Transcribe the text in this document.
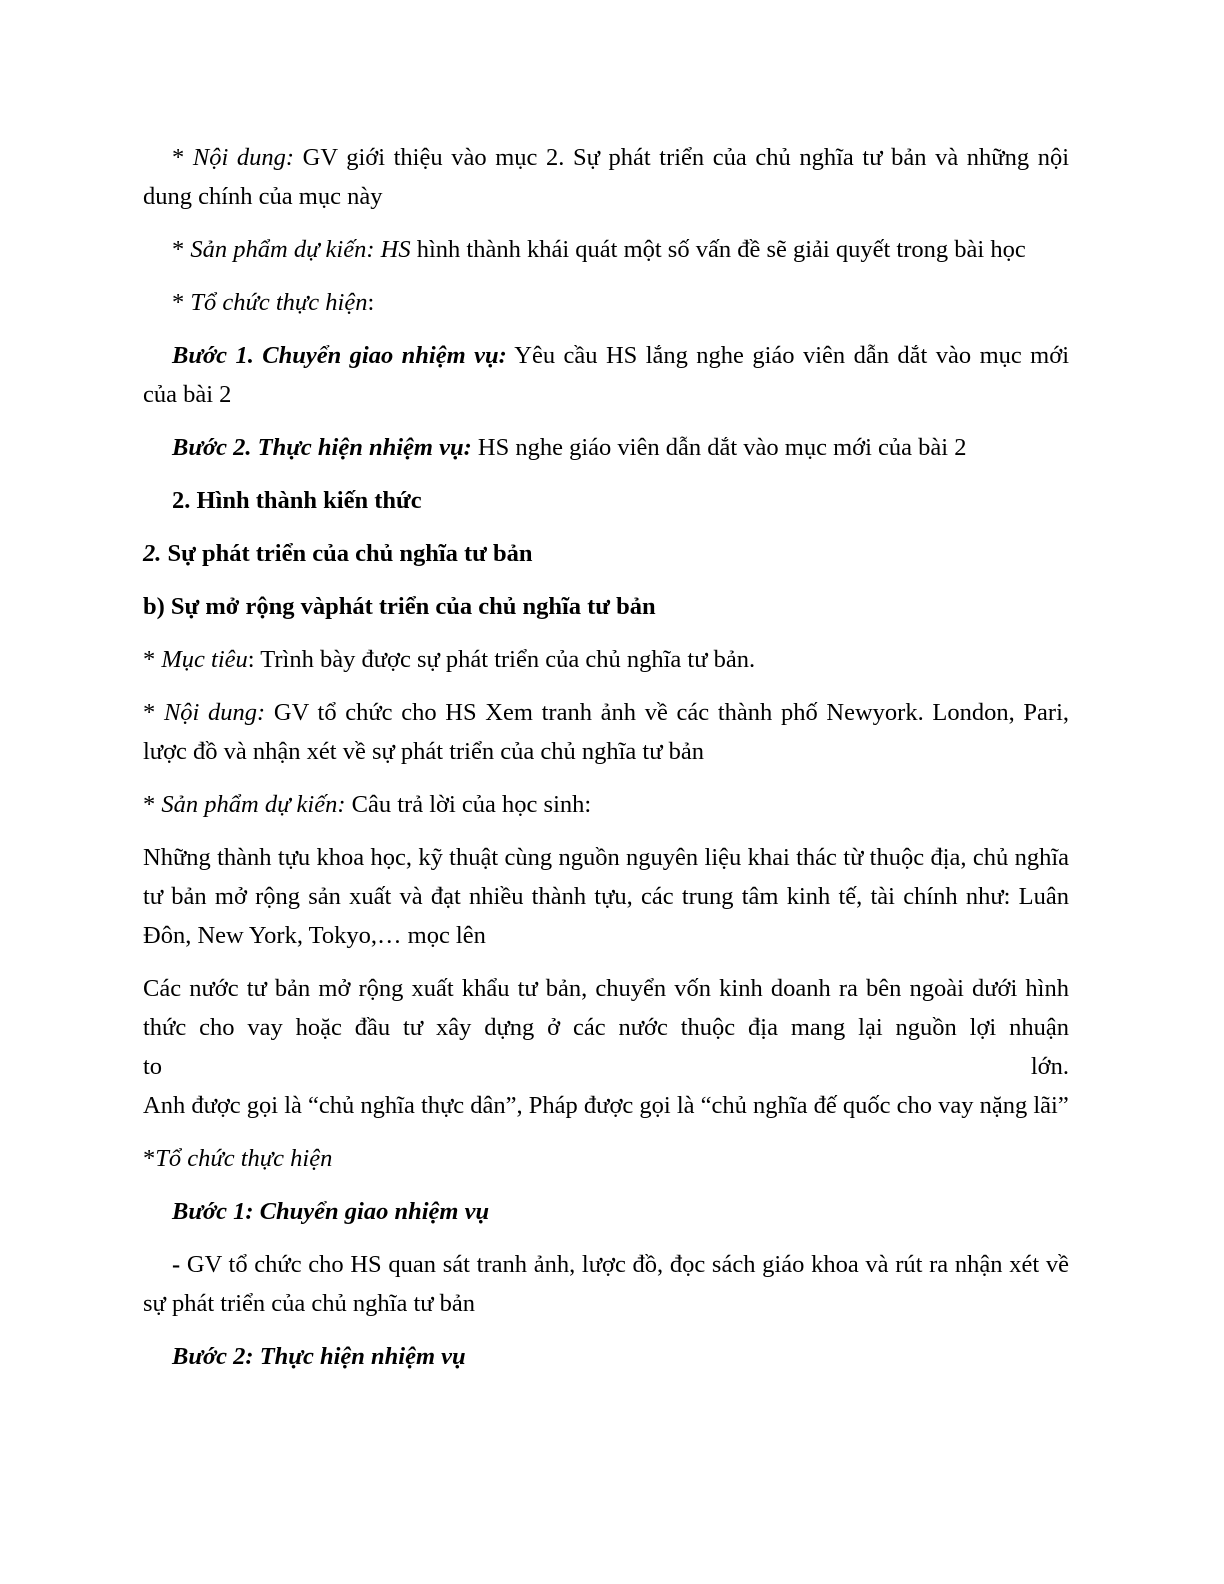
* Nội dung: GV giới thiệu vào mục 2. Sự phát triển của chủ nghĩa tư bản và những nội dung chính của mục này

* Sản phẩm dự kiến: HS hình thành khái quát một số vấn đề sẽ giải quyết trong bài học

* Tổ chức thực hiện:

Bước 1. Chuyển giao nhiệm vụ: Yêu cầu HS lắng nghe giáo viên dẫn dắt vào mục mới của bài 2

Bước 2. Thực hiện nhiệm vụ: HS nghe giáo viên dẫn dắt vào mục mới của bài 2

2. Hình thành kiến thức

2. Sự phát triển của chủ nghĩa tư bản

b) Sự mở rộng vàphát triển của chủ nghĩa tư bản

* Mục tiêu: Trình bày được sự phát triển của chủ nghĩa tư bản.

* Nội dung: GV tổ chức cho HS Xem tranh ảnh về các thành phố Newyork. London, Pari, lược đồ và nhận xét về sự phát triển của chủ nghĩa tư bản

* Sản phẩm dự kiến: Câu trả lời của học sinh:

Những thành tựu khoa học, kỹ thuật cùng nguồn nguyên liệu khai thác từ thuộc địa, chủ nghĩa tư bản mở rộng sản xuất và đạt nhiều thành tựu, các trung tâm kinh tế, tài chính như: Luân Đôn, New York, Tokyo,… mọc lên

Các nước tư bản mở rộng xuất khẩu tư bản, chuyển vốn kinh doanh ra bên ngoài dưới hình thức cho vay hoặc đầu tư xây dựng ở các nước thuộc địa mang lại nguồn lợi nhuận
to	lớn.
Anh được gọi là “chủ nghĩa thực dân”, Pháp được gọi là “chủ nghĩa đế quốc cho vay nặng lãi”

*Tổ chức thực hiện

Bước 1: Chuyển giao nhiệm vụ

- GV tổ chức cho HS quan sát tranh ảnh, lược đồ, đọc sách giáo khoa và rút ra nhận xét về sự phát triển của chủ nghĩa tư bản

Bước 2: Thực hiện nhiệm vụ
